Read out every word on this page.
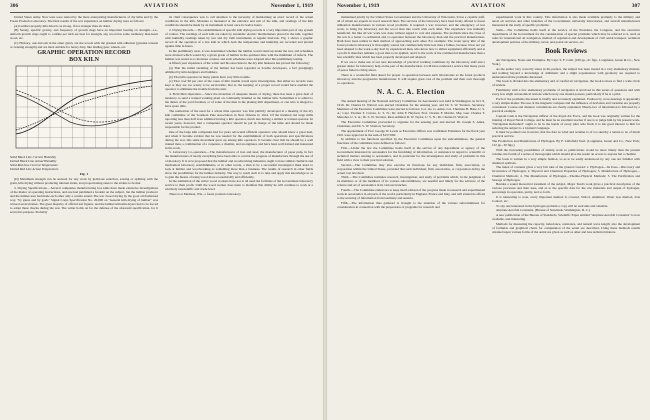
306	AVIATION	November 1, 1919

United States Army. Now tests were started by the more enterprising manufacturers of dry kilns and by the Forest Products Laboratory. The final results of the war experience on lumber drying were as follows:

(A) Lumber properly kiln dried is as strong, if not stronger than air dried.

(B) Steady, specific gravity, and frequency of growth rings have an important bearing on strength—i.e., uniform growth rings ought to confine per inch are best for strength, any wood has some resiliency than heart wood, etc.

(C) Hickory, oak and ash in the other given, are the woods with the greatest kiln adhesion (greatest tension or twisting strength) and are most suitable for heavy duty, like landing gear, wheels, etc.

GRAPHIC OPERATION RECORD
BOX KILN
Solid Black Line Current Humidity
Dotted Black Line Actual Humidity
Solid Red Line Current Temperature
Dotted Red Line Actual Temperature
Fig. 1

(D) Maximum strength can be secured for any work by judicious selection, sawing or splitting with the grain, kiln drying without producing internal strain, and proportioning sizes to the strains to be met.

3. Drying Specifications.—Several companies manufacturing box kilns have made extensive investigations of the matter of operating instructions, and one had published a booklet on the subject, but the lumber producer and the lumber user had made each other only a certain extent. The war closed drying by the good old fashioned way, "by guess and by gosh." Signal Corps Specification No. 20,000 on "General kiln drying of lumber" was revised several times. The great majority of official test figures, and the lumber kiln kiln dryers had to be forced to adopt these checks during the war. The writer holds on for the defense of the aforesaid specification, for it served its purpose. Probably

its chief consequence was to call attention to the necessity of maintaining an exact record of the actual conditions in the kiln. Moisture is measured at the entrance and exit of the kiln, and readings of the kiln conditions should be made by an instrument at least once in twelve hours.

2. Drying Records.—The establishment of specific kiln drying records is a very important part of any system of control. The readings of each kiln are taken by automatic electric thermometers placed in the kiln, together with humidity readings taken by wet and dry bulb instruments at regular intervals. Fig. 1 shows a graphic record of the operation of a box kiln in which both the temperature and humidity are recorded and plotted against time in hours.

In the preliminary tests, it was determined whether the lumber would stand up under the test, and schedules were devised which would dry a given grade of lumber in the quickest time with the minimum of defects. The lumber was tested as to moisture content, and such schedules were adopted after this preliminary testing.

A fifteen year experience of the writer and his associates in the dry kiln business has proved the following:

(a) That the initial steaming of the lumber has been regarded as trouble developers, a fact grudgingly admitted by kiln designers and builders.

(b) That kiln operators in many plants have very little trouble.

(c) That over 90 per cent of the cases of kiln trouble reveal upon investigation, that either no records were kept or they are too scanty to be serviceable; that is, the keeping of a proper record would have enabled the operator to eliminate the trouble from the start.

4. Field Men Operation.—Since the invention of adequate means of drying, there has been a great deal of tendency to send a trained working plant on continually handled as the lumber kiln. Sometimes it is added to the duties of the yard foreman, or of some of the men in the planing mill department, or one who is alleged to have spare time.

The realization of the need for a whole time operator was first publicly developed at a meeting of the dry kiln committee of the Southern Pine Association in New Orleans in 1914. Of the hundred old large mills reporting less than half even admitted having a kiln operator, much less having a skilled or trained operator. In recent years, however, that a competent operator should be put in charge of the kilns and should be made responsible for the product.

One of the large kiln companies had for years advocated efficient operators who should know a great deal, and when it became evident that he was needed for the establishment of both operations and specifications during the war, this same movement grew up among kiln operators. It became clear that he should be a well trained man, a combination of a carpenter, a chemist, and an engineer, and have been well trained and interested in his work.

5. Laboratory Co-operation.—The manufacturers of iron and steel, the manufacturer of paper pulp, in fact the manufacturers of nearly everything have been able to control the progress of manufacture through the use of a laboratory. It is now proposed that the lumber and woodworking industries ought to have similar chemical and mechanical laboratory establishments, or in other words, a man to be a successful investigator must learn to look at lumber and woodworking as something more than a business. The results of research in other fields show the possibilities for the lumber industry. The way to reach such is to take and apply this knowledge so as to gain the means of using wood more economically and efficiently.

In the estimation of the writer wood workers have not at all used the facilities of the Government laboratory service to their profit. Until the wood worker does learn to manifest this ability he will continue to work at a relatively unscientific and crude level.

There is at Madison, Wis., a forest products laboratory

November 1, 1919	AVIATION	307

maintained jointly by the United States Government and the University of Wisconsin. It has a capable staff, all of whom are experts in wood research lines. The services of the laboratory have been freely offered to forest utilization manufacturers in various wood problems. It required a war, however, and the emergency of war work, to bring the laboratory and the wood man into touch with each other. The experience was mutually beneficial, but like all war work was done without regard to cost and expense. The problem since the close of the war is a better co-ordination and co-operation between the laboratory man and the practical manufacturer. Both have been remiss in their method of approaching each other. For example: The water spray kiln of the forest products laboratory is thoroughly sound, but commercially little less than a failure, because it has not yet been adapted to the work-a-day deal by experienced men, who know how to utilize equipment efficiently and at a profit. It therefore remains a good idea to be applied, and it is the work of the commercial manufacturer than a less scientific idea which has been properly developed and adapted.

If we are to make use of our new knowledge of practical working conditions by the laboratory staff and a greater desire for laboratory help on the part of the manufacturer, it will have rendered a service that many years of peace failed to bring about.

There is a wonderful field ahead for proper co-operation between such laboratories as the forest products laboratory and the progressive manufacturer. It will require great care of the problem and their own thorough co-operation.

N. A. C. A. Election

The annual meeting of the National Advisory Committee for Aeronautics was held in Washington on Oct. 9, 1919. Dr. Charles D. Walcott was elected Chairman for the ensuing year, and Dr. S. W. Stratton, Secretary. Members of the Executive Committee were elected as follows: Col. Jas. G. Ames, Col. Thurman H. Bane, U. S. A.; Capt. Thomas T. Craven, U. S. N.; Dr. John F. Hayford, Prof. Charles F. Marvin, Maj. Gen. Charles T. Menoher, U. S. A.; Dr. S. W. Stratton, Rear-Admiral D. W. Taylor, U. S. N.; Dr. Charles D. Walcott.

The Executive Committee proceeded to organize for the ensuing year and elected Dr. Joseph S. Ames, Chairman, and Dr. S. W. Stratton, Secretary.

The appointment of Prof. George W. Lewis as Executive Officer was confirmed. Estimates for the fiscal year 1921 were approved in the sum of $157,000.

In addition to the functions specified by the Executive Committee upon the subcommittees, the general functions of the committee were defined as follows:

First.—Under the law the Committee holds itself at the service of any department or agency of the Government interested in aeronautics for the furnishing of information, or assistance in regard to scientific or technical matters relating to aeronautics, and in particular for the investigation and study of problems in this field with a view to their practical solution.

Second.—The Committee may also exercise its functions for any individual, firm, association, or corporation within the United States, provided that such individual, firm, association, or corporation defray the actual cost involved.

Third.—The Committee institutes research, investigation, and study of problems which, in the judgment of its members or of the members of its various subcommittees, are needful and timely for the advance of the science and art of aeronautics in its various branches.

Fourth.—The Committee endeavors to keep itself advised of the progress made in research and experimental work in aeronautics in all parts of the world, particularly in England, France and Italy, and will extend its efforts to the securing of information from Germany and Austria.

Fifth.—The information thus gathered is brought to the attention of the various subcommittees for consideration in connection with the preparation of programs for research and

experimental work in this country. This information is also made available promptly to the military and naval air services and other branches of the Government, university laboratories, and aircraft manufacturers interested in the study of specific problems.

Sixth.—The Committee holds itself at the service of the President, the Congress, and the executive departments of the Government for the consideration of special problems which may be referred to it, such as rules for international air navigation, method of regulation and development of civil aerial transport, technical development policies of the military, naval, and postal air service, etc.

Book Reviews

Air Navigation, Notes and Examples. By Capt. S. F. Cash. (160 pp., 61 figs., Longmans, Green & Co., New York.)

As the author very correctly states in his preface, the subject has been treated in a very elementary manner, and nothing beyond a knowledge of arithmetic and a slight acquaintance with geometry are required to understand all the problems discussed.

The book is divided into the elementary and of careful air navigation, the book is more to find a wide circle of readers.

Familiarity with a few elementary problems of navigation is involved in this series of questions and with every few slight astronomical notions which every one should possess, particularly if he is a pilot.

Each of the problems discussed is briefly and accurately explained. Position by cross-bearings is apparently a very simple matter. The use of the magnetic compass and the influence of deviation and variation are properly considered. Course and distance calculations are clearly explained. Ninety-two of information is followed by a practical example.

Captain Cash is the Navigation Officer of the Royal Air Force, and his book was originally written for the training of Royal Naval College, and he must be an excellent teacher if one is to judge him by his present work. "Navigation Refreshed" ought to be in the hands of every pilot who finds it to his good interest to him for reducing the subject to a layman's language.

It must be pointed out, however, that the data as wind and weather is of too sketchy a nature to be of much practical service.

The Production and Manufacture of Hydrogen. By F. Littlefield Teed. (Longmans, Green and Co., New York; 152 pp., 30 figs.)

With the increasing possibilities of airship work so publications would be more timely than the present volume, the fourth of a series of monographs which should give the reader an access to anyone but a chemist.

The book is written in a very simple fashion, so as to be easily understood by any one not familiar with chemical symbols.

The index of contents gives a very fair idea of the ground covered: 1. Hydrogen—Its Uses—Discovery and Occurrence of Hydrogen; 2. Physical and Chemical Properties of Hydrogen; 3. Manufacture of Hydrogen—Chemical Methods; 4. The Manufacture of Hydrogen—Thermo-Physical Methods; 5. The Purification and Storage of Hydrogen.

Besides a sound theoretical treatment of the subject, Major Teed's work gives a practical description of the various processes and their uses, and as to the specific data for the raw materials and output of hydrogen, percentage in operation, purity, and so forth.

It is interesting to note, every important method is covered, Silicol, Aluminol, Water Gas method, Iron Contact, etc.

To any one interested in the hydrogen problem a copy will be welcome and valuable.

Airplane Aerofoil Constants. (Bureau of Standards, Washington, D. C.)

A new publication of the Bureau of Standards, Scientific Paper entitled "Airplane Aerofoil Constants" is now available, and interesting.

Methods for measuring the capacity, inductance, resistance, and natural wave length; also the development of formulas and graphical charts for computation of the aerial are described. Using these methods results obtained upon various forms of the aerial are given as well as other and less technical matters.
